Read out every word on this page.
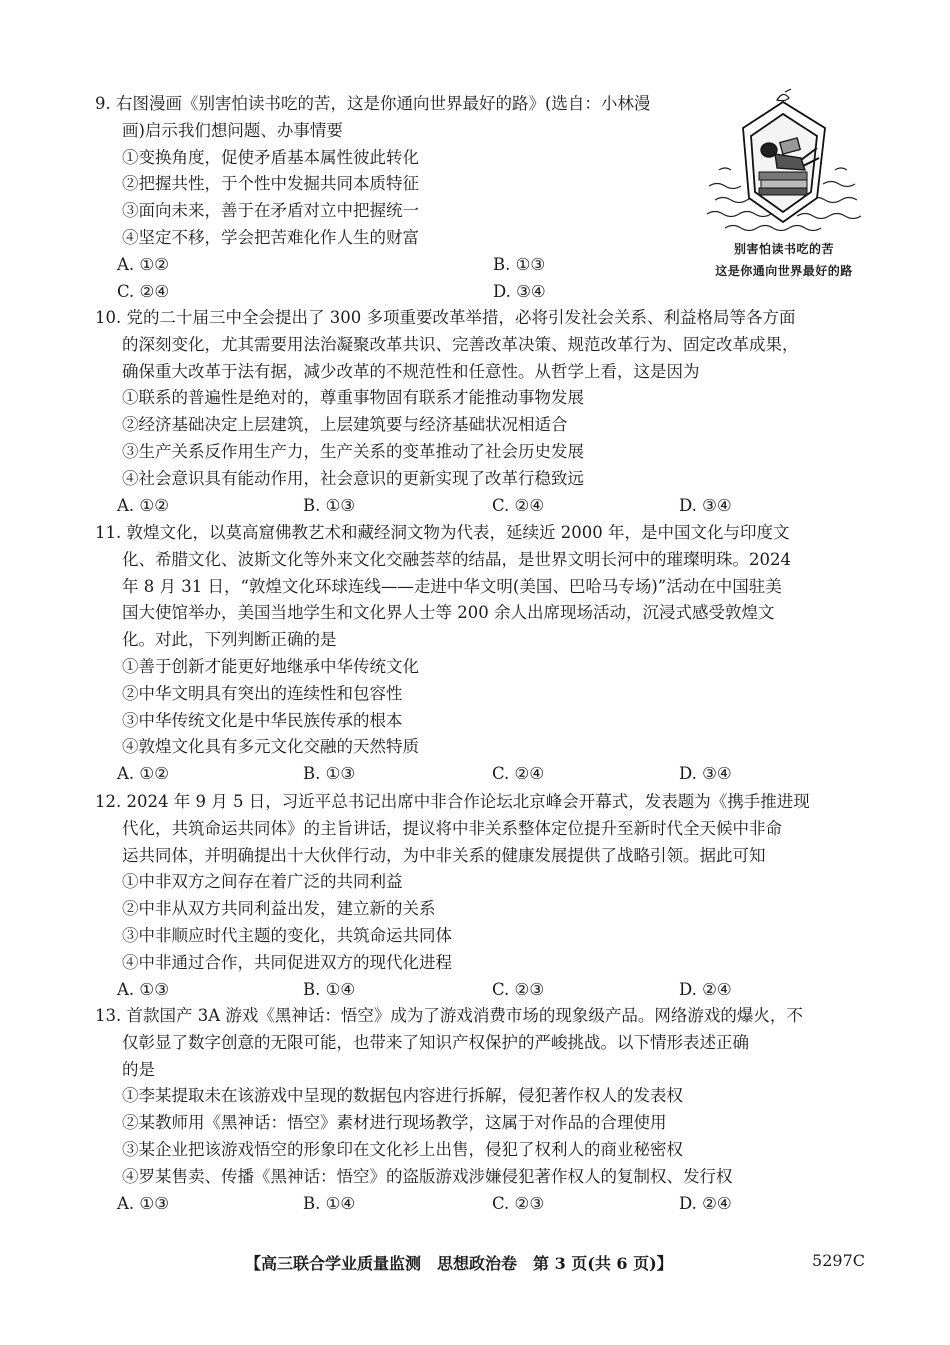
9. 右图漫画《别害怕读书吃的苦，这是你通向世界最好的路》(选自：小林漫
画)启示我们想问题、办事情要
①变换角度，促使矛盾基本属性彼此转化
②把握共性，于个性中发掘共同本质特征
③面向未来，善于在矛盾对立中把握统一
④坚定不移，学会把苦难化作人生的财富
A. ①②	B. ①③
C. ②④	D. ③④
别害怕读书吃的苦
这是你通向世界最好的路
10. 党的二十届三中全会提出了 300 多项重要改革举措，必将引发社会关系、利益格局等各方面
的深刻变化，尤其需要用法治凝聚改革共识、完善改革决策、规范改革行为、固定改革成果，
确保重大改革于法有据，减少改革的不规范性和任意性。从哲学上看，这是因为
①联系的普遍性是绝对的，尊重事物固有联系才能推动事物发展
②经济基础决定上层建筑，上层建筑要与经济基础状况相适合
③生产关系反作用生产力，生产关系的变革推动了社会历史发展
④社会意识具有能动作用，社会意识的更新实现了改革行稳致远
A. ①②	B. ①③	C. ②④	D. ③④
11. 敦煌文化，以莫高窟佛教艺术和藏经洞文物为代表，延续近 2000 年，是中国文化与印度文
化、希腊文化、波斯文化等外来文化交融荟萃的结晶，是世界文明长河中的璀璨明珠。2024
年 8 月 31 日，“敦煌文化环球连线——走进中华文明(美国、巴哈马专场)”活动在中国驻美
国大使馆举办，美国当地学生和文化界人士等 200 余人出席现场活动，沉浸式感受敦煌文
化。对此，下列判断正确的是
①善于创新才能更好地继承中华传统文化
②中华文明具有突出的连续性和包容性
③中华传统文化是中华民族传承的根本
④敦煌文化具有多元文化交融的天然特质
A. ①②	B. ①③	C. ②④	D. ③④
12. 2024 年 9 月 5 日，习近平总书记出席中非合作论坛北京峰会开幕式，发表题为《携手推进现
代化，共筑命运共同体》的主旨讲话，提议将中非关系整体定位提升至新时代全天候中非命
运共同体，并明确提出十大伙伴行动，为中非关系的健康发展提供了战略引领。据此可知
①中非双方之间存在着广泛的共同利益
②中非从双方共同利益出发，建立新的关系
③中非顺应时代主题的变化，共筑命运共同体
④中非通过合作，共同促进双方的现代化进程
A. ①③	B. ①④	C. ②③	D. ②④
13. 首款国产 3A 游戏《黑神话：悟空》成为了游戏消费市场的现象级产品。网络游戏的爆火，不
仅彰显了数字创意的无限可能，也带来了知识产权保护的严峻挑战。以下情形表述正确
的是
①李某提取未在该游戏中呈现的数据包内容进行拆解，侵犯著作权人的发表权
②某教师用《黑神话：悟空》素材进行现场教学，这属于对作品的合理使用
③某企业把该游戏悟空的形象印在文化衫上出售，侵犯了权利人的商业秘密权
④罗某售卖、传播《黑神话：悟空》的盗版游戏涉嫌侵犯著作权人的复制权、发行权
A. ①③	B. ①④	C. ②③	D. ②④
【高三联合学业质量监测　思想政治卷　第 3 页(共 6 页)】	5297C
